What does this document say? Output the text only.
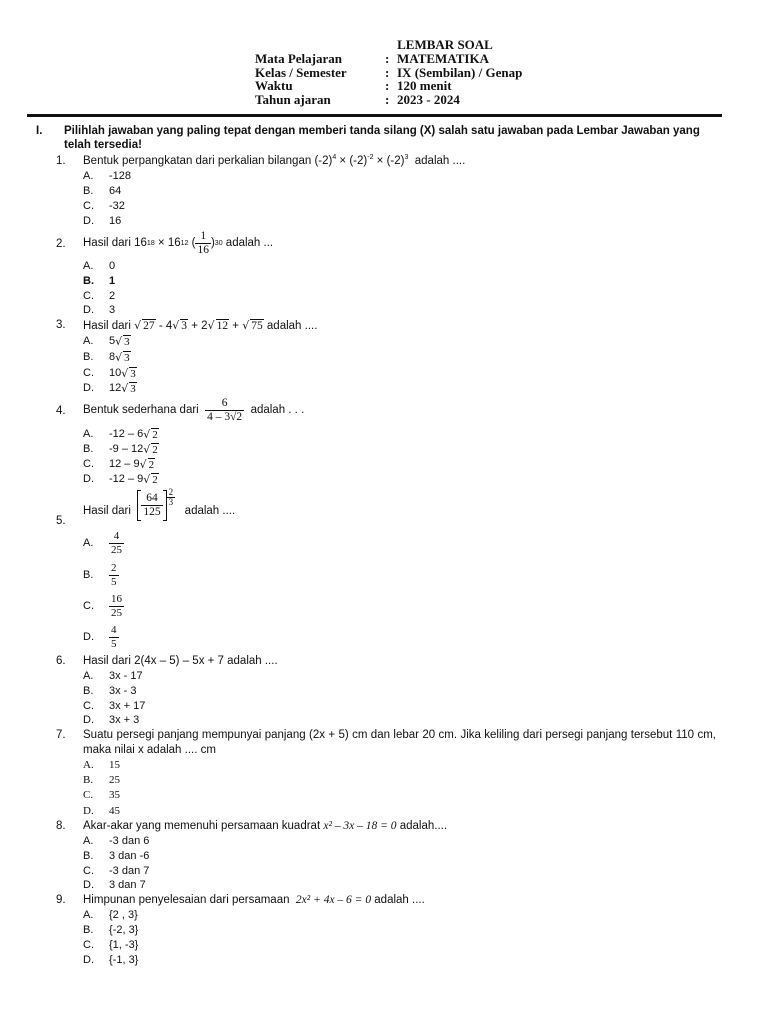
LEMBAR SOAL
Mata Pelajaran	: MATEMATIKA
Kelas / Semester	: IX (Sembilan) / Genap
Waktu	: 120 menit
Tahun ajaran	: 2023 - 2024
I. Pilihlah jawaban yang paling tepat dengan memberi tanda silang (X) salah satu jawaban pada Lembar Jawaban yang telah tersedia!
1. Bentuk perpangkatan dari perkalian bilangan $(-2)^4 \times (-2)^{-2} \times (-2)^3$ adalah ....
A.	-128
B.	64
C.	-32
D.	16
2. Hasil dari 16 18 × 16 12 ( $\frac{1}{16}$ ) 30
adalah ...
A.	0
B.	1
C.	2
D.	3
3. Hasil dari √ 27 - 4√ 3 + 2√ 12 + √ 75 adalah ....
A.	5 √ 3
B.	8 √ 3
C.	10 √ 3
D.	12 √ 3
4. Bentuk sederhana dari
$\frac{6}{4 - 3√2}$
adalah . . .
A.	-12 – 6 √ 2
B.	-9 – 12 √ 2
C.	12 – 9 √ 2
D.	-12 – 9 √ 2
5.
Hasil dari
$\frac{64}{125} \frac{2}{3}$

adalah ....
A.	$\frac{4}{25}$
B.	$\frac{2}{5}$
C.	$\frac{16}{25}$
D.	$\frac{4}{5}$
6. Hasil dari 2(4x – 5) – 5x + 7 adalah ....
A.	3x - 17
B.	3x - 3
C.	3x + 17
D.	3x + 3
7. Suatu persegi panjang mempunyai panjang (2x + 5) cm dan lebar 20 cm. Jika keliling dari persegi panjang tersebut 110 cm, maka nilai x adalah .... cm
A.	15
B.	25
C.	35
D.	45
8. Akar-akar yang memenuhi persamaan kuadrat x² – 3x – 18 = 0 adalah....
A.	-3 dan 6
B.	3 dan -6
C.	-3 dan 7
D.	3 dan 7
9. Himpunan penyelesaian dari persamaan 2x² + 4x – 6 = 0 adalah ....
A.	{2 , 3}
B.	{-2, 3}
C.	{1, -3}
D.	{-1, 3}
